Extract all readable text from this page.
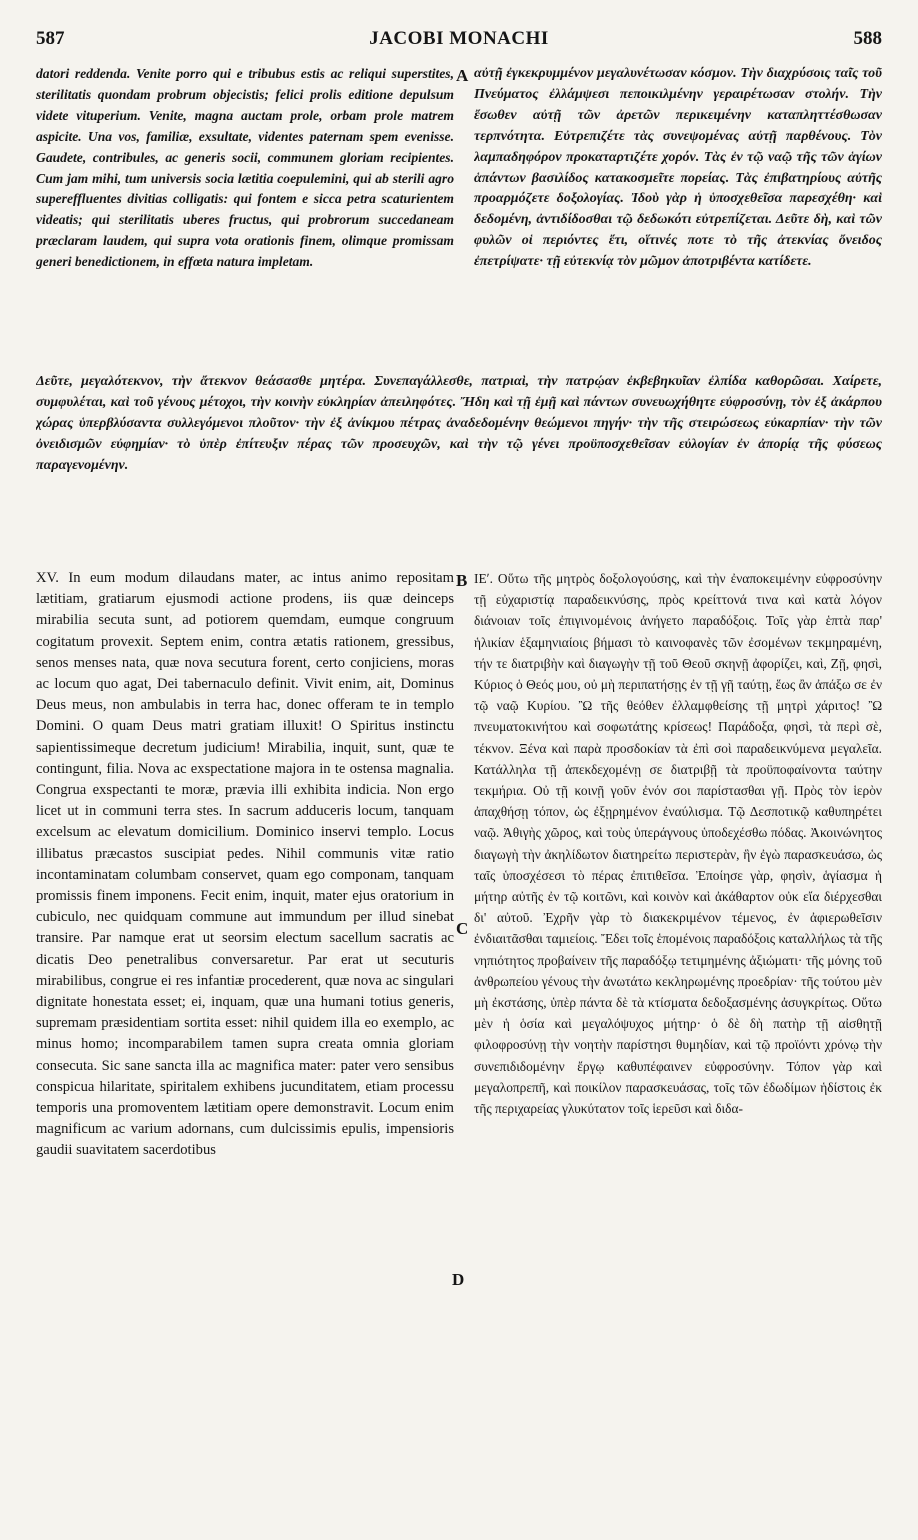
587	JACOBI MONACHI	588

datori reddenda. Venite porro qui e tribubus estis ac reliqui superstites, sterilitatis quondam probrum objecistis; felici prolis editione depulsum videte vituperium. Venite, magna auctam prole, orbam prole matrem aspicite. Una vos, familiæ, exsultate, videntes paternam spem evenisse. Gaudete, contribules, ac generis socii, communem gloriam recipientes. Cum jam mihi, tum universis socia lætitia coepulemini, qui ab sterili agro supereffluentes divitias colligatis: qui fontem e sicca petra scaturientem videatis; qui sterilitatis uberes fructus, qui probrorum succedaneam præclaram laudem, qui supra vota orationis finem, olimque promissam generi benedictionem, in effœta natura impletam.

A αὐτῇ ἐγκεκρυμμένον μεγαλυνέτωσαν κόσμον. Τὴν διαχρύσοις ταῖς τοῦ Πνεύματος ἐλλάμψεσι πεποικιλμένην γεραιρέτωσαν στολήν. Τὴν ἔσωθεν αὐτῇ τῶν ἀρετῶν περικειμένην καταπληττέσθωσαν τερπνότητα. Εὐτρεπιζέτε τὰς συνεψομένας αὐτῇ παρθένους. Τὸν λαμπαδηφόρον προκαταρτιζέτε χορόν. Τὰς ἐν τῷ ναῷ τῆς τῶν ἁγίων ἁπάντων βασιλίδος κατακοσμεῖτε πορείας. Τὰς ἐπιβατηρίους αὐτῆς προαρμόζετε δοξολογίας. Ἰδοὺ γὰρ ἡ ὑποσχεθεῖσα παρεσχέθη· καὶ δεδομένη, ἀντιδίδοσθαι τῷ δεδωκότι εὐτρεπίζεται. Δεῦτε δὴ, καὶ τῶν φυλῶν οἱ περιόντες ἔτι, οἵτινές ποτε τὸ τῆς ἀτεκνίας ὄνειδος ἐπετρίψατε· τῇ εὐτεκνίᾳ τὸν μῶμον ἀποτριβέντα κατίδετε.

Δεῦτε, μεγαλότεκνον, τὴν ἄτεκνον θεάσασθε μητέρα. Συνεπαγάλλεσθε, πατριαὶ, τὴν πατρῴαν ἐκβεβηκυῖαν ἐλπίδα καθορῶσαι. Χαίρετε, συμφυλέται, καὶ τοῦ γένους μέτοχοι, τὴν κοινὴν εὐκληρίαν ἀπειληφότες. Ἤδη καὶ τῇ ἐμῇ καὶ πάντων συνευωχήθητε εὐφροσύνῃ, τὸν ἐξ ἀκάρπου χώρας ὑπερβλύσαντα συλλεγόμενοι πλοῦτον· τὴν ἐξ ἀνίκμου πέτρας ἀναδεδομένην θεώμενοι πηγήν· τὴν τῆς στειρώσεως εὐκαρπίαν· τὴν τῶν ὀνειδισμῶν εὐφημίαν· τὸ ὑπὲρ ἐπίτευξιν πέρας τῶν προσευχῶν, καὶ τὴν τῷ γένει προϋποσχεθεῖσαν εὐλογίαν ἐν ἀπορίᾳ τῆς φύσεως παραγενομένην.

XV. In eum modum dilaudans mater, ac intus animo repositam lætitiam, gratiarum ejusmodi actione prodens, iis quæ deinceps mirabilia secuta sunt, ad potiorem quemdam, eumque congruum cogitatum provexit. Septem enim, contra ætatis rationem, gressibus, senos menses nata, quæ nova secutura forent, certo conjiciens, moras ac locum quo agat, Dei tabernaculo definit. Vivit enim, ait, Dominus Deus meus, non ambulabis in terra hac, donec offeram te in templo Domini. O quam Deus matri gratiam illuxit! O Spiritus instinctu sapientissimeque decretum judicium! Mirabilia, inquit, sunt, quæ te contingunt, filia. Nova ac exspectatione majora in te ostensa magnalia. Congrua exspectanti te moræ, prævia illi exhibita indicia. Non ergo licet ut in communi terra stes. In sacrum adduceris locum, tanquam excelsum ac elevatum domicilium. Dominico inservi templo. Locus illibatus præcastos suscipiat pedes. Nihil communis vitæ ratio incontaminatam columbam conservet, quam ego componam, tanquam promissis finem imponens. Fecit enim, inquit, mater ejus oratorium in cubiculo, nec quidquam commune aut immundum per illud sinebat transire. Par namque erat ut seorsim electum sacellum sacratis ac dicatis Deo penetralibus conversaretur. Par erat ut secuturis mirabilibus, congrue ei res infantiæ procederent, quæ nova ac singulari dignitate honestata esset; ei, inquam, quæ una humani totius generis, supremam præsidentiam sortita esset: nihil quidem illa eo exemplo, ac minus homo; incomparabilem tamen supra creata omnia gloriam consecuta. Sic sane sancta illa ac magnifica mater: pater vero sensibus conspicua hilaritate, spiritalem exhibens jucunditatem, etiam processu temporis una promoventem lætitiam opere demonstravit. Locum enim magnificum ac varium adornans, cum dulcissimis epulis, impensioris gaudii suavitatem sacerdotibus

B
C
D

ΙΕʹ. Οὕτω τῆς μητρὸς δοξολογούσης, καὶ τὴν ἐναποκειμένην εὐφροσύνην τῇ εὐχαριστίᾳ παραδεικνύσης, πρὸς κρείττονά τινα καὶ κατὰ λόγον διάνοιαν τοῖς ἐπιγινομένοις ἀνήγετο παραδόξοις. Τοῖς γὰρ ἑπτὰ παρ' ἡλικίαν ἑξαμηνιαίοις βήμασι τὸ καινοφανὲς τῶν ἐσομένων τεκμηραμένη, τήν τε διατριβὴν καὶ διαγωγὴν τῇ τοῦ Θεοῦ σκηνῇ ἀφορίζει, καὶ, Ζῇ, φησὶ, Κύριος ὁ Θεός μου, οὐ μὴ περιπατήσῃς ἐν τῇ γῇ ταύτῃ, ἕως ἂν ἀπάξω σε ἐν τῷ ναῷ Κυρίου. Ὢ τῆς θεόθεν ἐλλαμφθείσης τῇ μητρὶ χάριτος! Ὢ πνευματοκινήτου καὶ σοφωτάτης κρίσεως! Παράδοξα, φησὶ, τὰ περὶ σὲ, τέκνον. Ξένα καὶ παρὰ προσδοκίαν τὰ ἐπὶ σοὶ παραδεικνύμενα μεγαλεῖα. Κατάλληλα τῇ ἀπεκδεχομένῃ σε διατριβῇ τὰ προϋποφαίνοντα ταύτην τεκμήρια. Οὐ τῇ κοινῇ γοῦν ἐνόν σοι παρίστασθαι γῇ. Πρὸς τὸν ἱερὸν ἀπαχθήσῃ τόπον, ὡς ἐξῃρημένον ἐναύλισμα. Τῷ Δεσποτικῷ καθυπηρέτει ναῷ. Ἀθιγὴς χῶρος, καὶ τοὺς ὑπεράγνους ὑποδεχέσθω πόδας. Ἀκοινώνητος διαγωγὴ τὴν ἀκηλίδωτον διατηρείτω περιστερὰν, ἣν ἐγὼ παρασκευάσω, ὡς ταῖς ὑποσχέσεσι τὸ πέρας ἐπιτιθεῖσα. Ἐποίησε γὰρ, φησὶν, ἁγίασμα ἡ μήτηρ αὐτῆς ἐν τῷ κοιτῶνι, καὶ κοινὸν καὶ ἀκάθαρτον οὐκ εἴα διέρχεσθαι δι' αὐτοῦ. Ἐχρῆν γὰρ τὸ διακεκριμένον τέμενος, ἐν ἀφιερωθεῖσιν ἐνδιαιτᾶσθαι ταμιείοις. Ἔδει τοῖς ἑπομένοις παραδόξοις καταλλήλως τὰ τῆς νηπιότητος προβαίνειν τῆς παραδόξῳ τετιμημένης ἀξιώματι· τῆς μόνης τοῦ ἀνθρωπείου γένους τὴν ἀνωτάτω κεκληρωμένης προεδρίαν· τῆς τούτου μὲν μὴ ἐκστάσης, ὑπὲρ πάντα δὲ τὰ κτίσματα δεδοξασμένης ἀσυγκρίτως. Οὕτω μὲν ἡ ὁσία καὶ μεγαλόψυχος μήτηρ· ὁ δὲ δὴ πατὴρ τῇ αἰσθητῇ φιλοφροσύνῃ τὴν νοητὴν παρίστησι θυμηδίαν, καὶ τῷ προϊόντι χρόνῳ τὴν συνεπιδιδομένην ἔργῳ καθυπέφαινεν εὐφροσύνην. Τόπον γὰρ καὶ μεγαλοπρεπῆ, καὶ ποικίλον παρασκευάσας, τοῖς τῶν ἐδωδίμων ἡδίστοις ἐκ τῆς περιχαρείας γλυκύτατον τοῖς ἱερεῦσι καὶ διδα-
